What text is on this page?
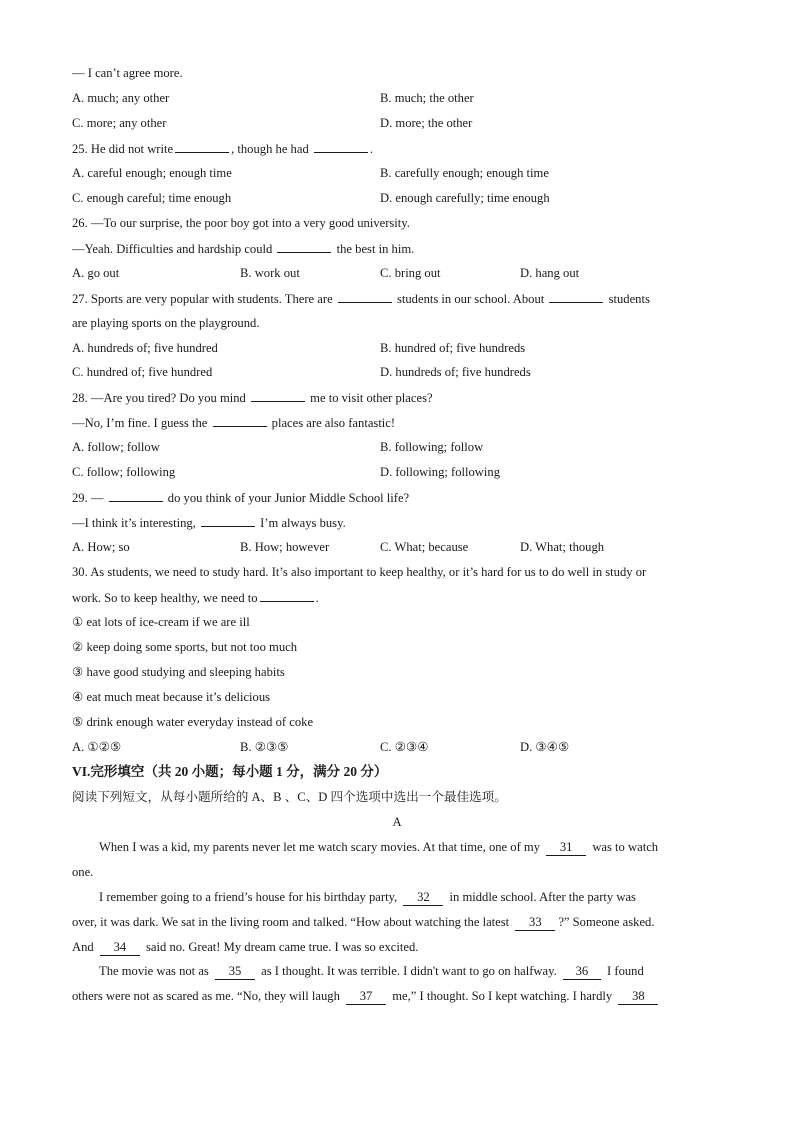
— I can’t agree more.
A. much; any other	B. much; the other
C. more; any other	D. more; the other
25. He did not write	, though he had	.
A. careful enough; enough time	B. carefully enough; enough time
C. enough careful; time enough	D. enough carefully; time enough
26. —To our surprise, the poor boy got into a very good university.
—Yeah. Difficulties and hardship could	the best in him.
A. go out	B. work out	C. bring out	D. hang out
27. Sports are very popular with students. There are	students in our school. About	students
are playing sports on the playground.
A. hundreds of; five hundred	B. hundred of; five hundreds
C. hundred of; five hundred	D. hundreds of; five hundreds
28. —Are you tired? Do you mind	me to visit other places?
—No, I’m fine. I guess the	places are also fantastic!
A. follow; follow	B. following; follow
C. follow; following	D. following; following
29. —	do you think of your Junior Middle School life?
—I think it’s interesting,	I’m always busy.
A. How; so	B. How; however	C. What; because	D. What; though
30. As students, we need to study hard. It’s also important to keep healthy, or it’s hard for us to do well in study or
work. So to keep healthy, we need to	.
① eat lots of ice-cream if we are ill
② keep doing some sports, but not too much
③ have good studying and sleeping habits
④ eat much meat because it’s delicious
⑤ drink enough water everyday instead of coke
A. ①②⑤	B. ②③⑤	C. ②③④	D. ③④⑤
VI.完形填空（共 20 小题；每小题 1 分，满分 20 分）
阅读下列短文，从每小题所给的 A、B 、C、D 四个选项中选出一个最佳选项。
A
When I was a kid, my parents never let me watch scary movies. At that time, one of my 31 was to watch
one.
I remember going to a friend’s house for his birthday party, 32 in middle school. After the party was
over, it was dark. We sat in the living room and talked. “How about watching the latest 33 ?” Someone asked.
And 34 said no. Great! My dream came true. I was so excited.
The movie was not as 35 as I thought. It was terrible. I didn't want to go on halfway. 36 I found
others were not as scared as me. “No, they will laugh 37 me,” I thought. So I kept watching. I hardly 38
